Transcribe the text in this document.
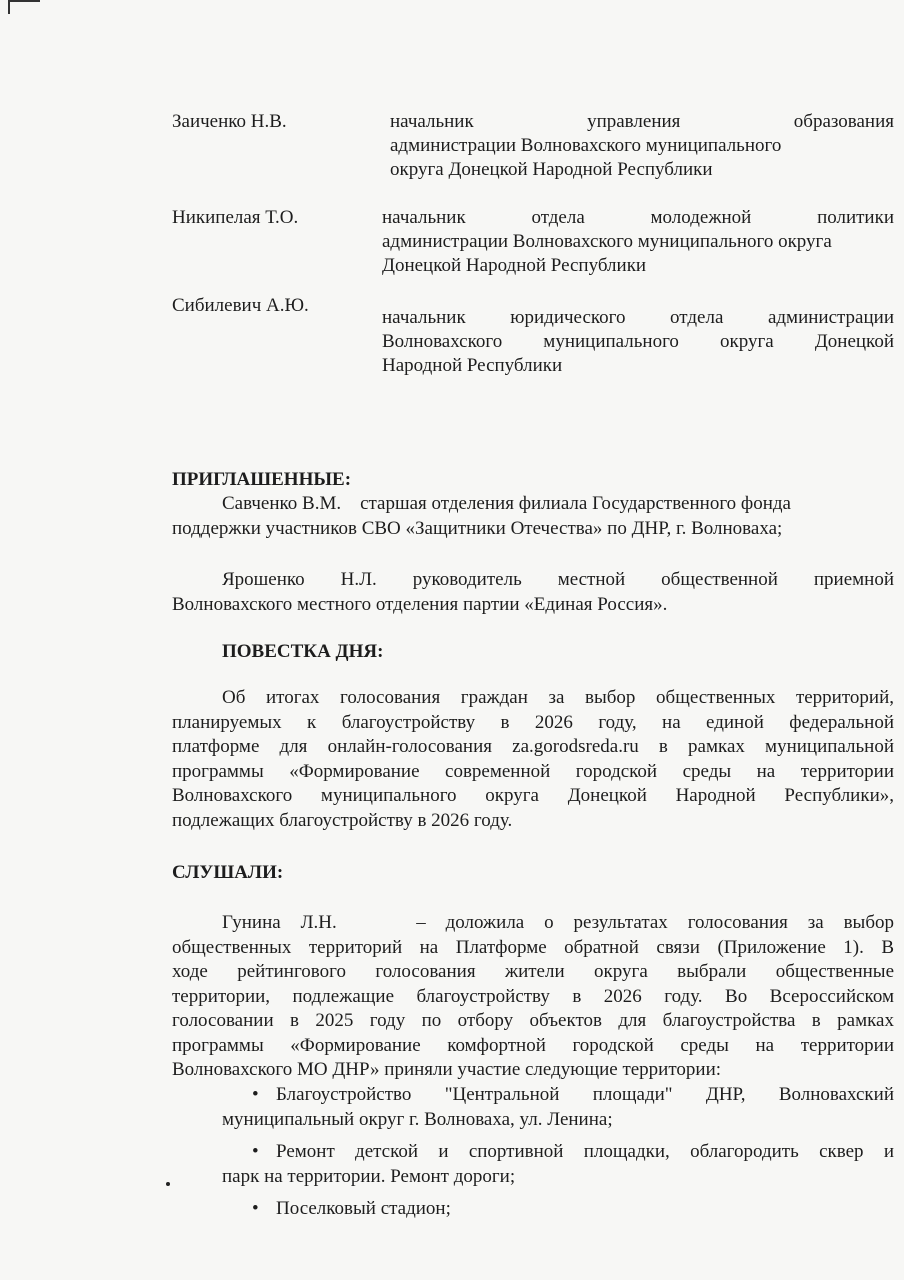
Заиченко Н.В.	начальник управления образования
администрации Волновахского муниципального
округа Донецкой Народной Республики
Никипелая Т.О.	начальник отдела молодежной политики
администрации Волновахского муниципального округа
Донецкой Народной Республики
Сибилевич А.Ю.
начальник юридического отдела администрации
Волновахского муниципального округа Донецкой
Народной Республики
ПРИГЛАШЕННЫЕ:
Савченко В.М.    старшая отделения филиала Государственного фонда
поддержки участников СВО «Защитники Отечества» по ДНР, г. Волноваха;
Ярошенко Н.Л. руководитель местной общественной приемной
Волновахского местного отделения партии «Единая Россия».
ПОВЕСТКА ДНЯ:
Об итогах голосования граждан за выбор общественных территорий,
планируемых к благоустройству в 2026 году, на единой федеральной
платформе для онлайн-голосования za.gorodsreda.ru в рамках муниципальной
программы «Формирование современной городской среды на территории
Волновахского муниципального округа Донецкой Народной Республики»,
подлежащих благоустройству в 2026 году.
СЛУШАЛИ:
Гунина Л.Н.    – доложила о результатах голосования за выбор
общественных территорий на Платформе обратной связи (Приложение 1). В
ходе рейтингового голосования жители округа выбрали общественные
территории, подлежащие благоустройству в 2026 году. Во Всероссийском
голосовании в 2025 году по отбору объектов для благоустройства в рамках
программы «Формирование комфортной городской среды на территории
Волновахского МО ДНР» приняли участие следующие территории:
• Благоустройство "Центральной площади" ДНР, Волновахский
муниципальный округ г. Волноваха, ул. Ленина;
• Ремонт детской и спортивной площадки, облагородить сквер и
парк на территории. Ремонт дороги;
• Поселковый стадион;
